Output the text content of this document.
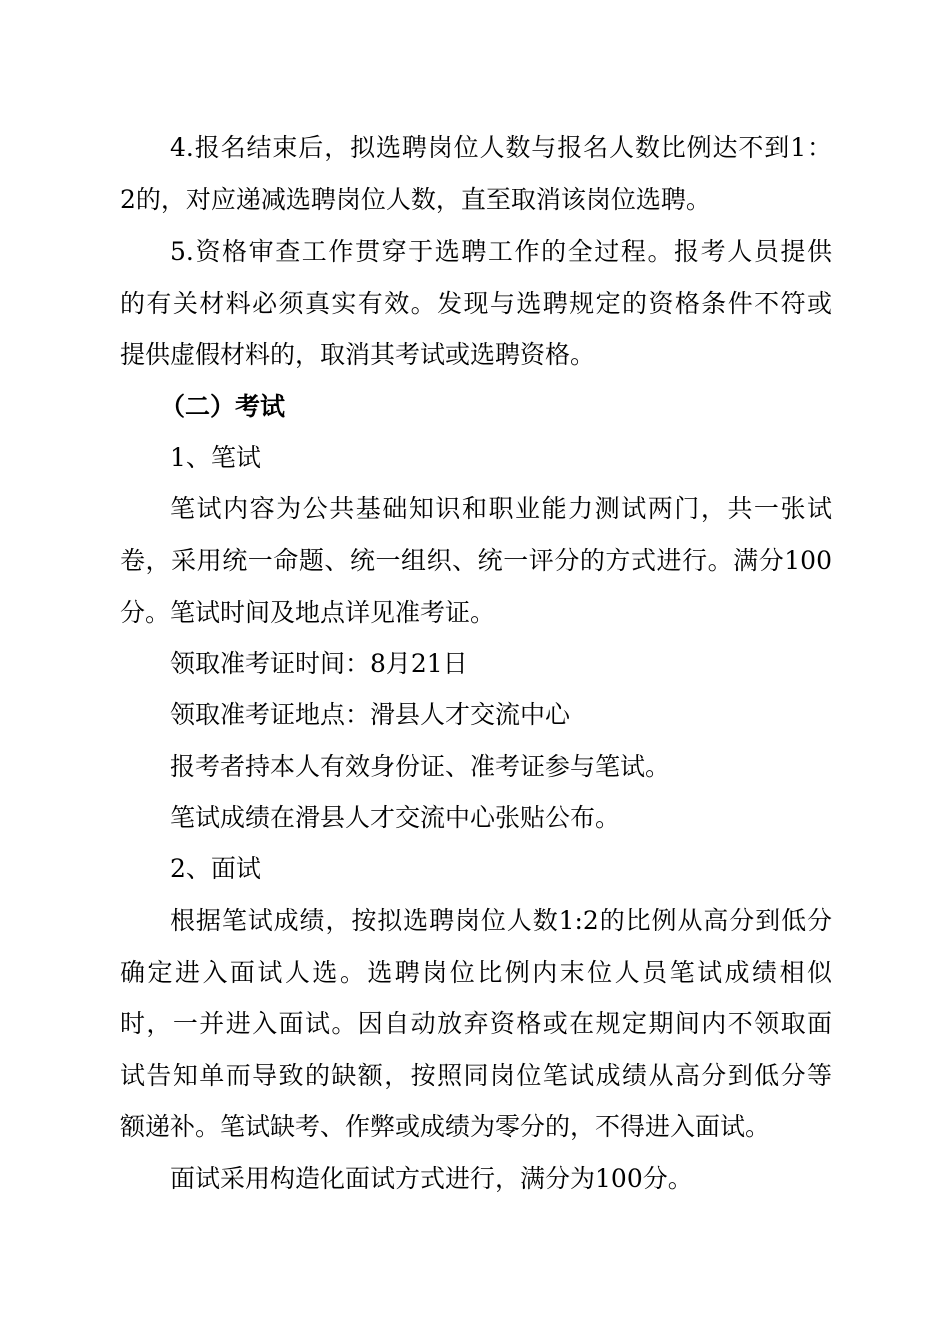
4.报名结束后，拟选聘岗位人数与报名人数比例达不到1：
2的，对应递减选聘岗位人数，直至取消该岗位选聘。
5.资格审查工作贯穿于选聘工作的全过程。报考人员提供
的有关材料必须真实有效。发现与选聘规定的资格条件不符或
提供虚假材料的，取消其考试或选聘资格。
（二）考试
1、笔试
笔试内容为公共基础知识和职业能力测试两门，共一张试
卷，采用统一命题、统一组织、统一评分的方式进行。满分100
分。笔试时间及地点详见准考证。
领取准考证时间：8月21日
领取准考证地点：滑县人才交流中心
报考者持本人有效身份证、准考证参与笔试。
笔试成绩在滑县人才交流中心张贴公布。
2、面试
根据笔试成绩，按拟选聘岗位人数1:2的比例从高分到低分
确定进入面试人选。选聘岗位比例内末位人员笔试成绩相似
时，一并进入面试。因自动放弃资格或在规定期间内不领取面
试告知单而导致的缺额，按照同岗位笔试成绩从高分到低分等
额递补。笔试缺考、作弊或成绩为零分的，不得进入面试。
面试采用构造化面试方式进行，满分为100分。
